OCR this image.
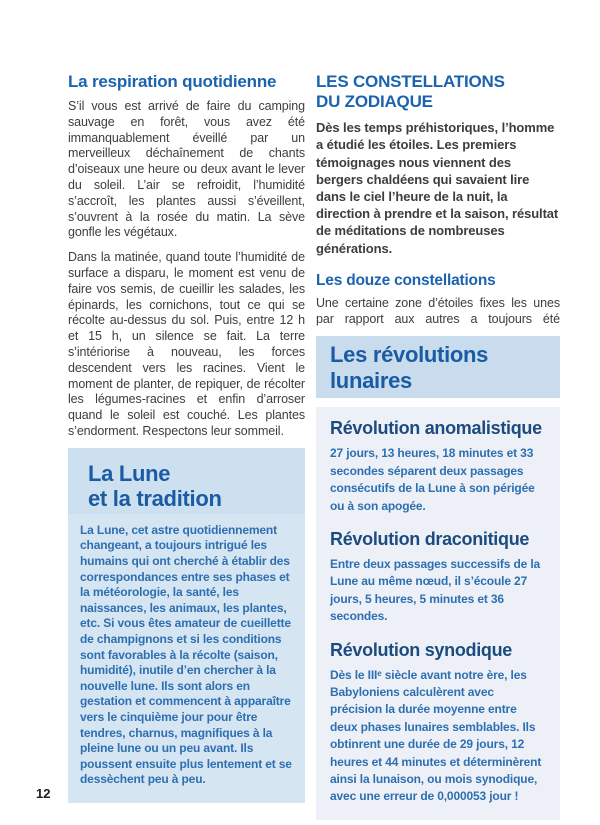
La respiration quotidienne

S’il vous est arrivé de faire du camping sauvage en forêt, vous avez été immanquablement éveillé par un merveilleux déchaînement de chants d’oiseaux une heure ou deux avant le lever du soleil. L’air se refroidit, l’humidité s’accroît, les plantes aussi s’éveillent, s’ouvrent à la rosée du matin. La sève gonfle les végétaux.

Dans la matinée, quand toute l’humidité de surface a disparu, le moment est venu de faire vos semis, de cueillir les salades, les épinards, les cornichons, tout ce qui se récolte au-dessus du sol. Puis, entre 12 h et 15 h, un silence se fait. La terre s’intériorise à nouveau, les forces descendent vers les racines. Vient le moment de planter, de repiquer, de récolter les légumes-racines et enfin d’arroser quand le soleil est couché. Les plantes s’endorment. Respectons leur sommeil.

La Lune
et la tradition

La Lune, cet astre quotidiennement changeant, a toujours intrigué les humains qui ont cherché à établir des correspondances entre ses phases et la météorologie, la santé, les naissances, les animaux, les plantes, etc. Si vous êtes amateur de cueillette de champignons et si les conditions sont favorables à la récolte (saison, humidité), inutile d’en chercher à la nouvelle lune. Ils sont alors en gestation et commencent à apparaître vers le cinquième jour pour être tendres, charnus, magnifiques à la pleine lune ou un peu avant. Ils poussent ensuite plus lentement et se dessèchent peu à peu.

LES CONSTELLATIONS
DU ZODIAQUE

Dès les temps préhistoriques, l’homme a étudié les étoiles. Les premiers témoignages nous viennent des bergers chaldéens qui savaient lire dans le ciel l’heure de la nuit, la direction à prendre et la saison, résultat de méditations de nombreuses générations.

Les douze constellations

Une certaine zone d’étoiles fixes les unes par rapport aux autres a toujours été

Les révolutions
lunaires
Révolution anomalistique

27 jours, 13 heures, 18 minutes et 33 secondes séparent deux passages consécutifs de la Lune à son périgée ou à son apogée.

Révolution draconitique

Entre deux passages successifs de la Lune au même nœud, il s’écoule 27 jours, 5 heures, 5 minutes et 36 secondes.

Révolution synodique

Dès le IIIᵉ siècle avant notre ère, les Babyloniens calculèrent avec précision la durée moyenne entre deux phases lunaires semblables. Ils obtinrent une durée de 29 jours, 12 heures et 44 minutes et déterminèrent ainsi la lunaison, ou mois synodique, avec une erreur de 0,000053 jour !

12
